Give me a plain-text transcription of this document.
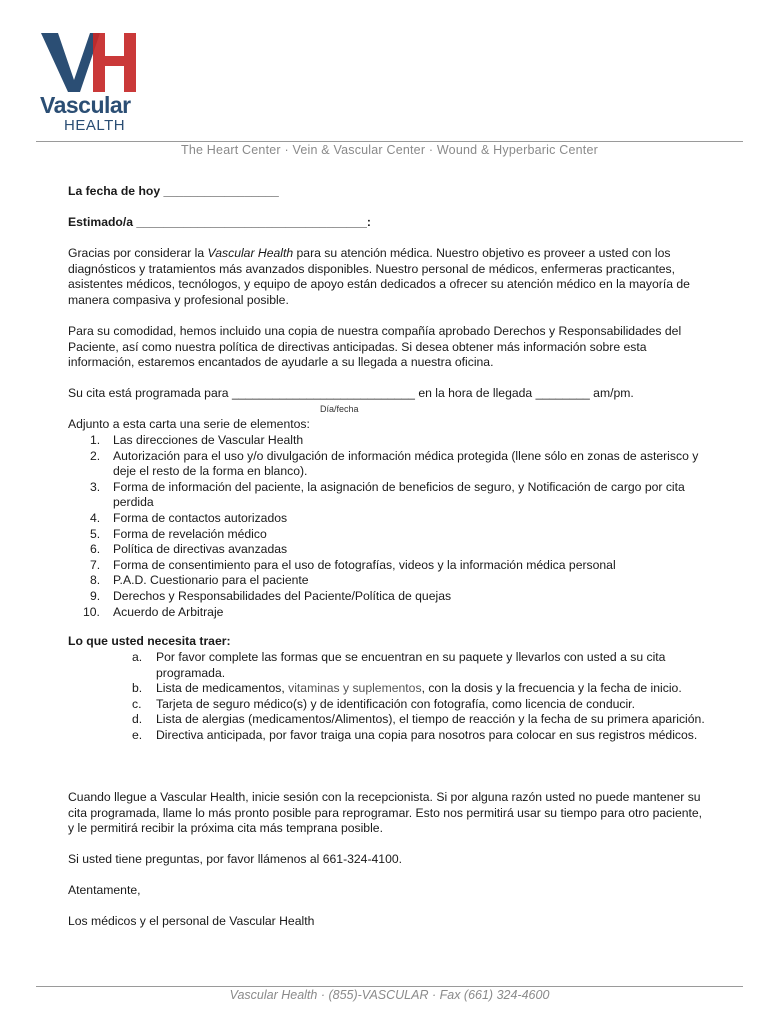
Vascular
HEALTH
The Heart Center · Vein & Vascular Center · Wound & Hyperbaric Center
La fecha de hoy _________________
Estimado/a __________________________________:
Gracias por considerar la Vascular Health para su atención médica. Nuestro objetivo es proveer a usted con los diagnósticos y tratamientos más avanzados disponibles. Nuestro personal de médicos, enfermeras practicantes, asistentes médicos, tecnólogos, y equipo de apoyo están dedicados a ofrecer su atención médico en la mayoría de manera compasiva y profesional posible.
Para su comodidad, hemos incluido una copia de nuestra compañía aprobado Derechos y Responsabilidades del Paciente, así como nuestra política de directivas anticipadas. Si desea obtener más información sobre esta información, estaremos encantados de ayudarle a su llegada a nuestra oficina.
Su cita está programada para ___________________________ en la hora de llegada ________ am/pm.
Día/fecha
Adjunto a esta carta una serie de elementos:
1. Las direcciones de Vascular Health
2. Autorización para el uso y/o divulgación de información médica protegida (llene sólo en zonas de asterisco y deje el resto de la forma en blanco).
3. Forma de información del paciente, la asignación de beneficios de seguro, y Notificación de cargo por cita perdida
4. Forma de contactos autorizados
5. Forma de revelación médico
6. Política de directivas avanzadas
7. Forma de consentimiento para el uso de fotografías, videos y la información médica personal
8. P.A.D. Cuestionario para el paciente
9. Derechos y Responsabilidades del Paciente/Política de quejas
10. Acuerdo de Arbitraje
Lo que usted necesita traer:
a. Por favor complete las formas que se encuentran en su paquete y llevarlos con usted a su cita programada.
b. Lista de medicamentos, vitaminas y suplementos, con la dosis y la frecuencia y la fecha de inicio.
c. Tarjeta de seguro médico(s) y de identificación con fotografía, como licencia de conducir.
d. Lista de alergias (medicamentos/Alimentos), el tiempo de reacción y la fecha de su primera aparición.
e. Directiva anticipada, por favor traiga una copia para nosotros para colocar en sus registros médicos.
Cuando llegue a Vascular Health, inicie sesión con la recepcionista. Si por alguna razón usted no puede mantener su cita programada, llame lo más pronto posible para reprogramar. Esto nos permitirá usar su tiempo para otro paciente, y le permitirá recibir la próxima cita más temprana posible.
Si usted tiene preguntas, por favor llámenos al 661-324-4100.
Atentamente,
Los médicos y el personal de Vascular Health
Vascular Health · (855)-VASCULAR · Fax (661) 324-4600
